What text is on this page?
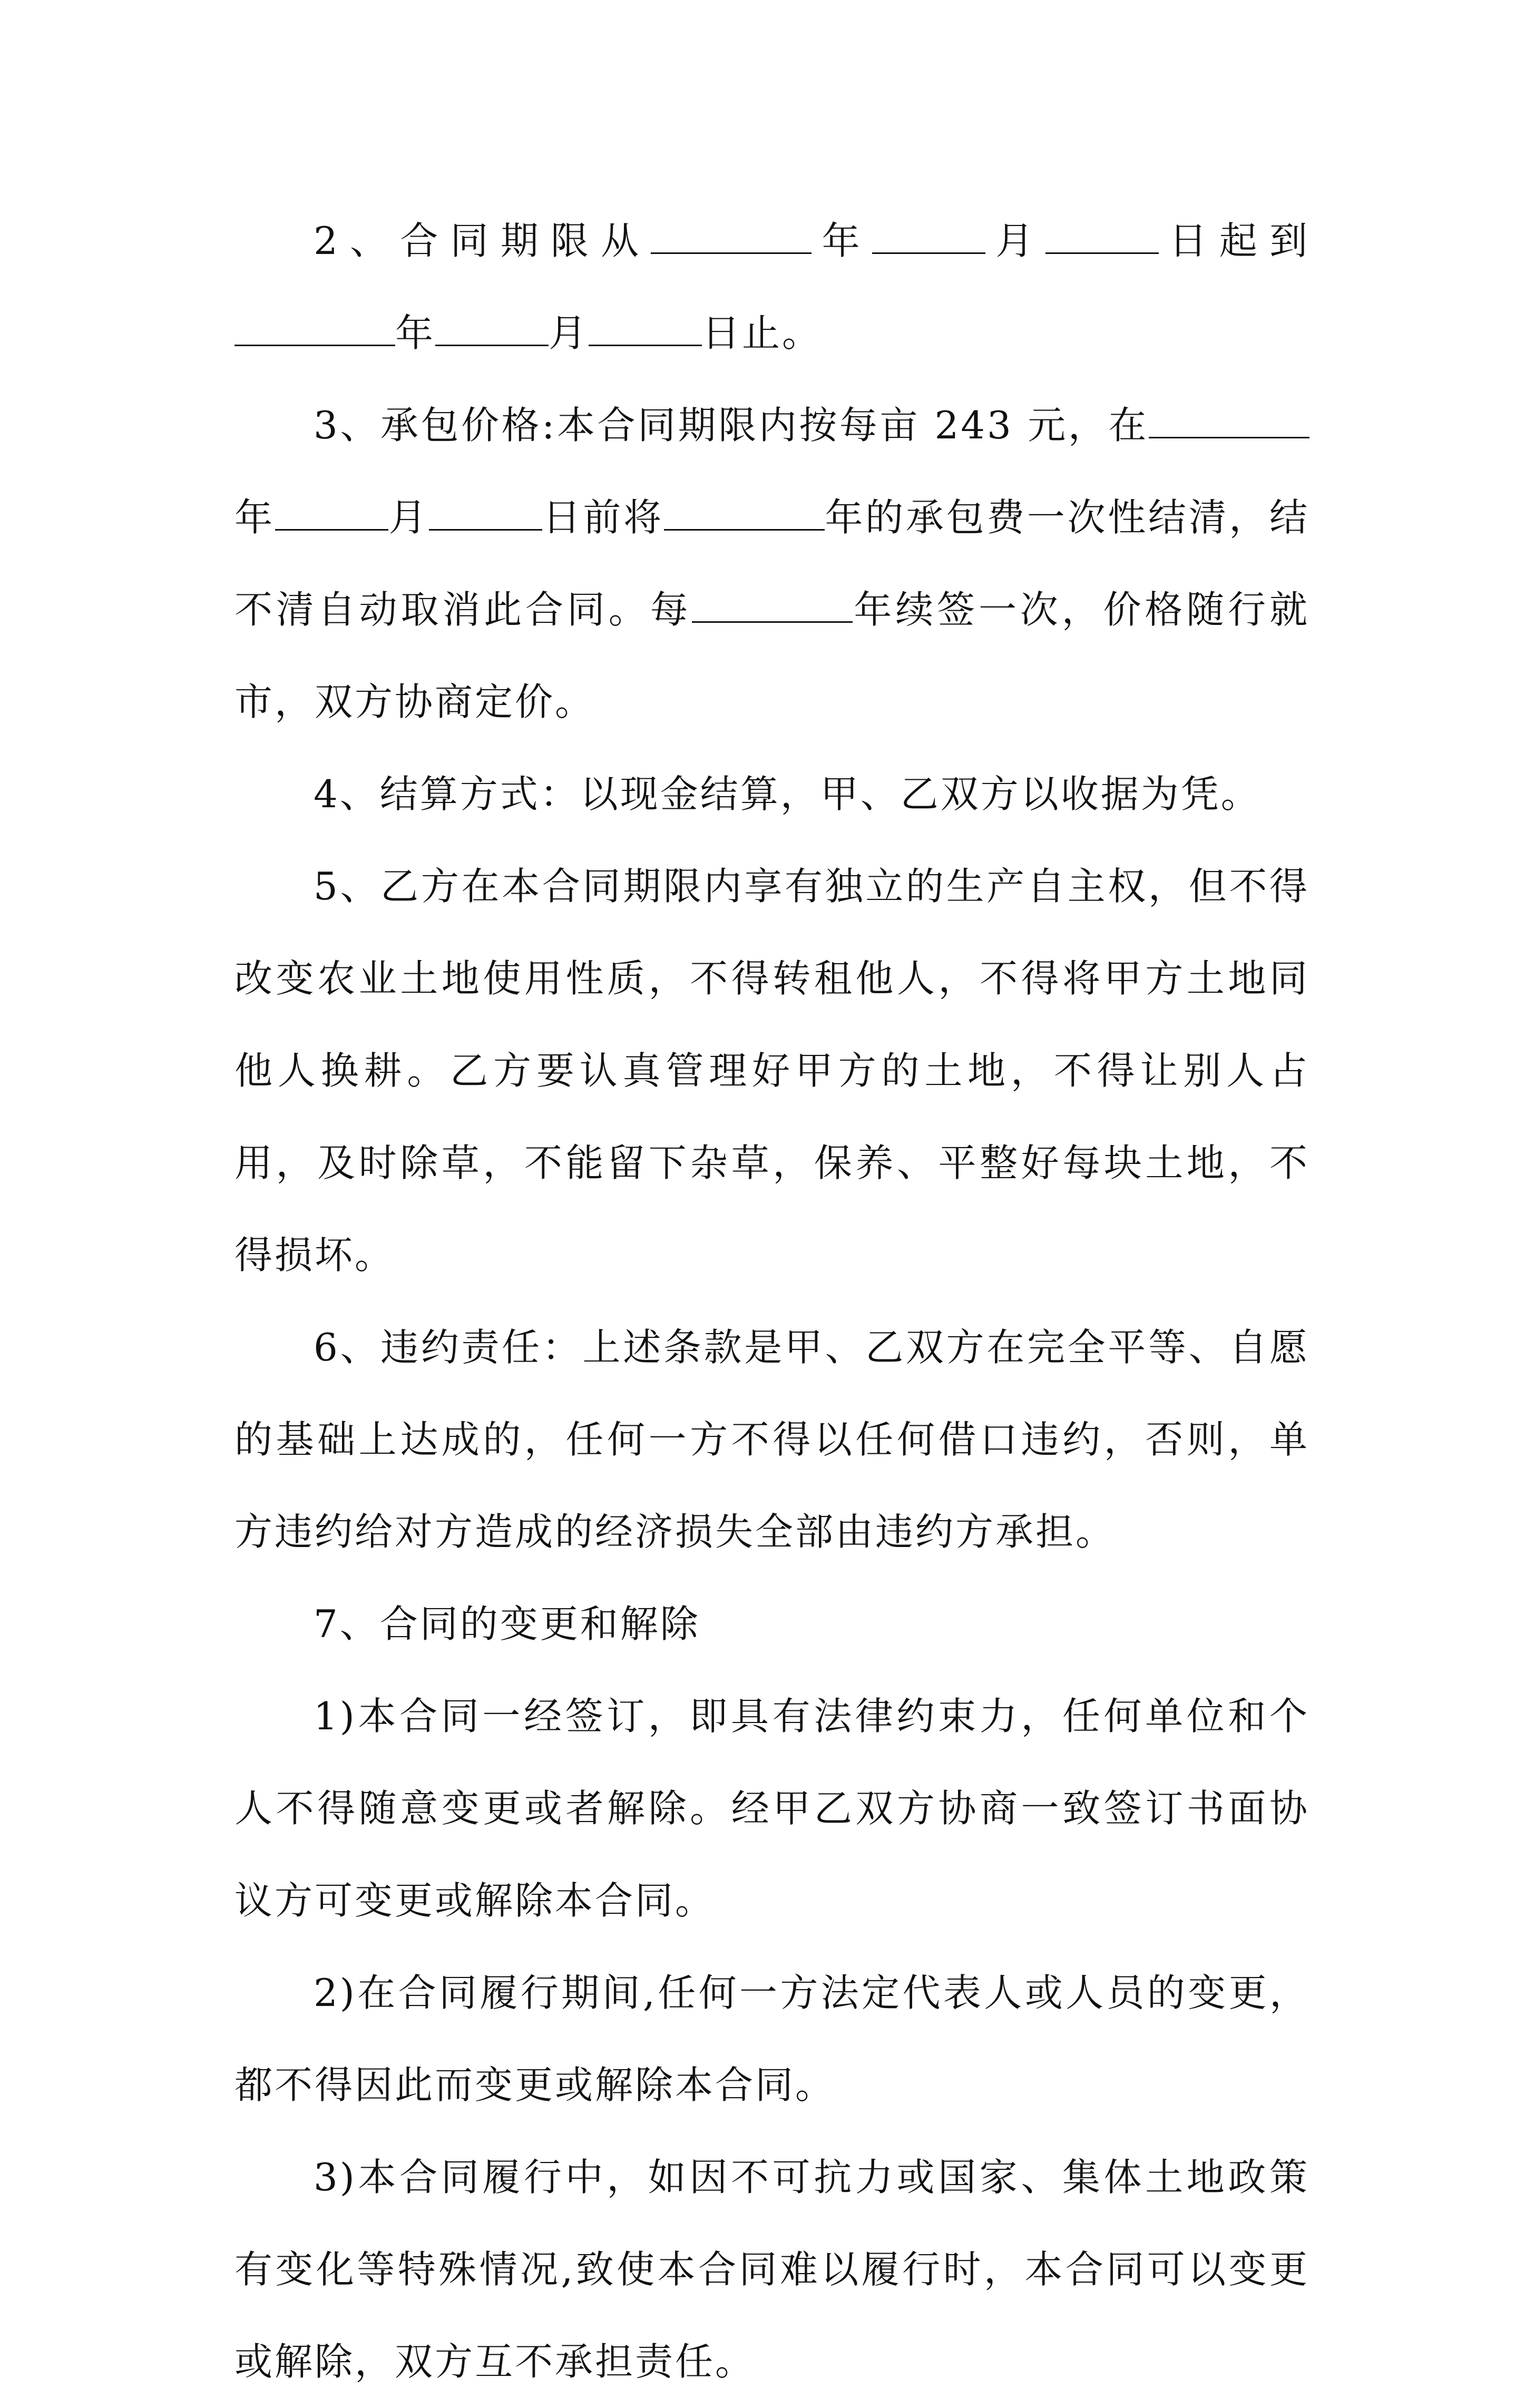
2、合同期限从	年	月	日起到年	月	日止。

3、承包价格:本合同期限内按每亩 243 元，在年	月	日前将	年的承包费一次性结清，结不清自动取消此合同。每	年续签一次，价格随行就市，双方协商定价。

4、结算方式：以现金结算，甲、乙双方以收据为凭。

5、乙方在本合同期限内享有独立的生产自主权，但不得改变农业土地使用性质，不得转租他人，不得将甲方土地同他人换耕。乙方要认真管理好甲方的土地，不得让别人占用，及时除草，不能留下杂草，保养、平整好每块土地，不得损坏。

6、违约责任：上述条款是甲、乙双方在完全平等、自愿的基础上达成的，任何一方不得以任何借口违约，否则，单方违约给对方造成的经济损失全部由违约方承担。

7、合同的变更和解除

1)本合同一经签订，即具有法律约束力，任何单位和个人不得随意变更或者解除。经甲乙双方协商一致签订书面协议方可变更或解除本合同。

2)在合同履行期间,任何一方法定代表人或人员的变更，都不得因此而变更或解除本合同。

3)本合同履行中，如因不可抗力或国家、集体土地政策有变化等特殊情况,致使本合同难以履行时，本合同可以变更或解除，双方互不承担责任。
